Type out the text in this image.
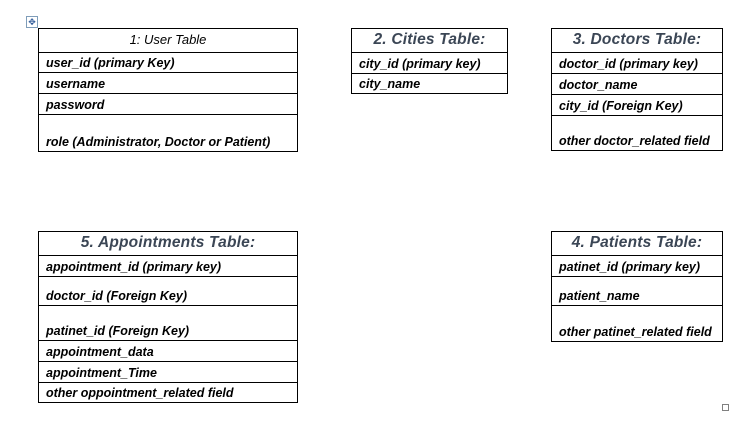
✥
1: User Table
user_id (primary Key)
username
password
role (Administrator, Doctor or Patient)
2. Cities Table:
city_id (primary key)
city_name
3. Doctors Table:
doctor_id (primary key)
doctor_name
city_id (Foreign Key)
other doctor_related field
5. Appointments Table:
appointment_id (primary key)
doctor_id (Foreign Key)
patinet_id (Foreign Key)
appointment_data
appointment_Time
other oppointment_related field
4. Patients Table:
patinet_id (primary key)
patient_name
other patinet_related field
